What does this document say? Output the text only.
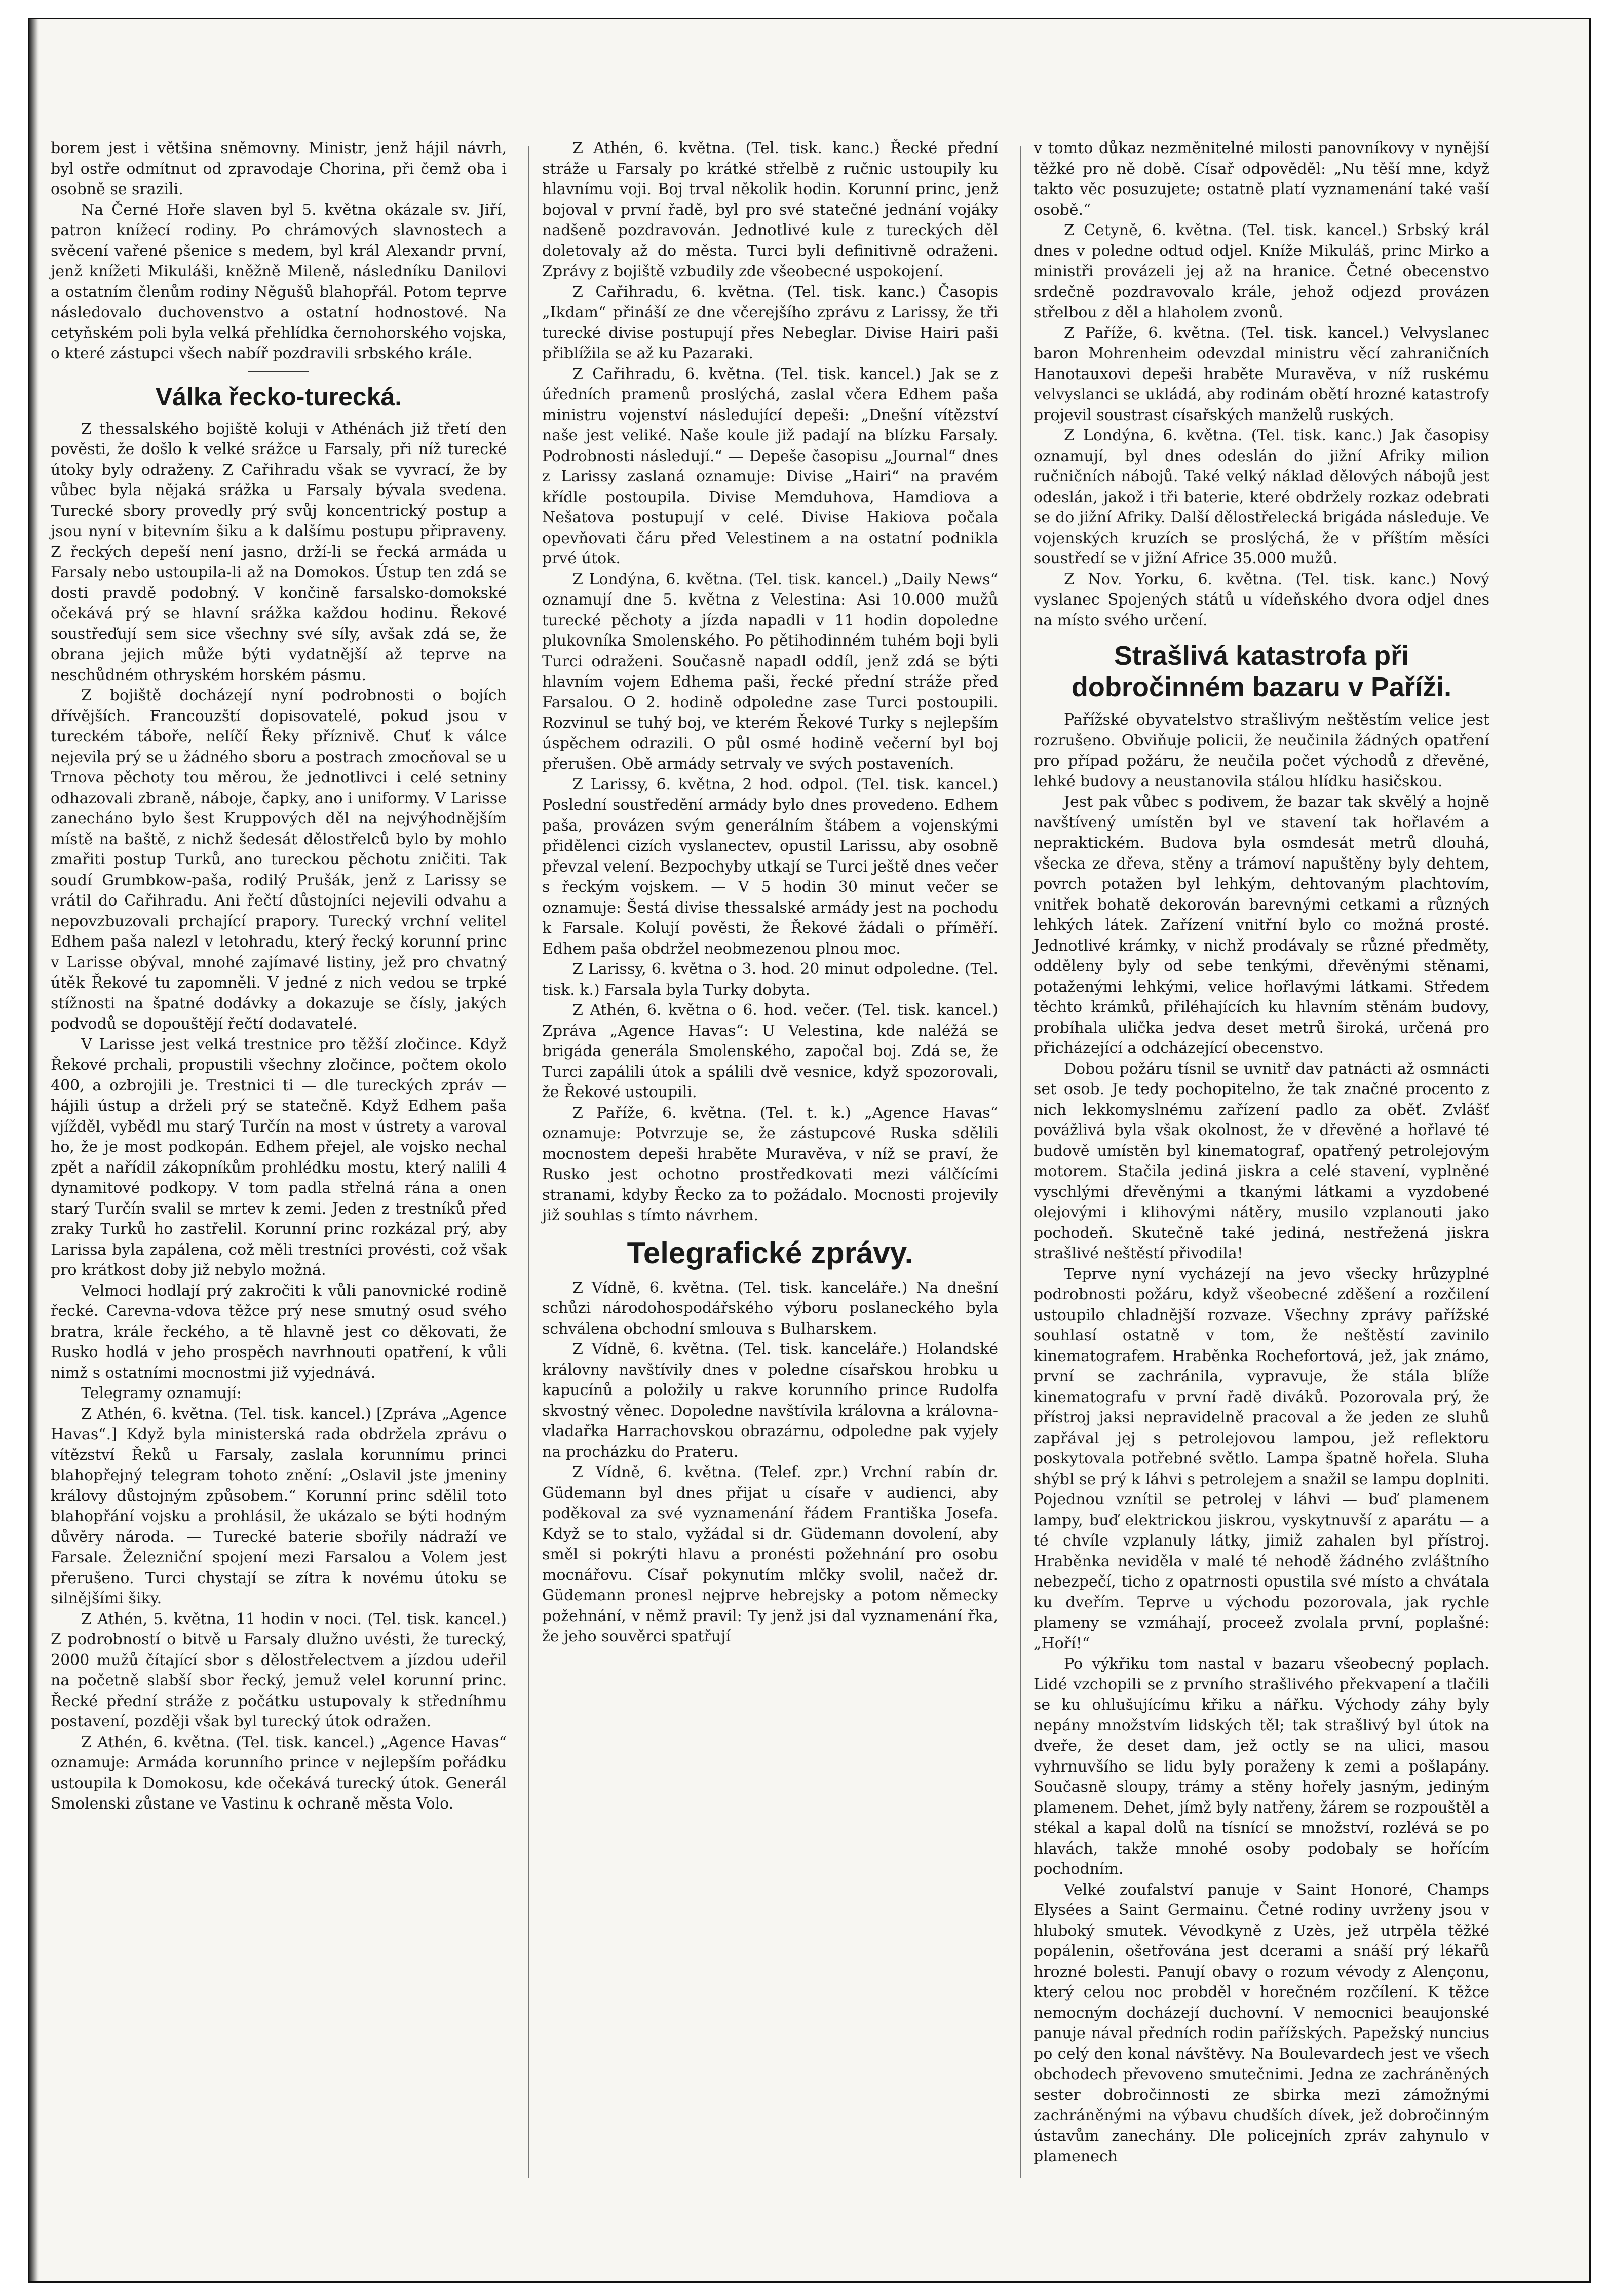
borem jest i většina sněmovny. Ministr, jenž hájil návrh, byl ostře odmítnut od zpravodaje Chorina, při čemž oba i osobně se srazili.

Na Černé Hoře slaven byl 5. května okázale sv. Jiří, patron knížecí rodiny. Po chrámových slavnostech a svěcení vařené pšenice s medem, byl král Alexandr první, jenž knížeti Mikuláši, kněžně Mileně, následníku Danilovi a ostatním členům rodiny Něgušů blahopřál. Potom teprve následovalo duchovenstvo a ostatní hodnostové. Na cetyňském poli byla velká přehlídka černohorského vojska, o které zástupci všech nabíř pozdravili srbského krále.

Válka řecko-turecká.

Z thessalského bojiště koluji v Athénách již třetí den pověsti, že došlo k velké srážce u Farsaly, při níž turecké útoky byly odraženy. Z Cařihradu však se vyvrací, že by vůbec byla nějaká srážka u Farsaly bývala svedena. Turecké sbory provedly prý svůj koncentrický postup a jsou nyní v bitevním šiku a k dalšímu postupu připraveny. Z řeckých depeší není jasno, drží-li se řecká armáda u Farsaly nebo ustoupila-li až na Domokos. Ústup ten zdá se dosti pravdě podobný. V končině farsalsko-domokské očekává prý se hlavní srážka každou hodinu. Řekové soustřeďují sem sice všechny své síly, avšak zdá se, že obrana jejich může býti vydatnější až teprve na neschůdném othryském horském pásmu.

Z bojiště docházejí nyní podrobnosti o bojích dřívějších. Francouzští dopisovatelé, pokud jsou v tureckém táboře, nelíčí Řeky příznivě. Chuť k válce nejevila prý se u žádného sboru a postrach zmocňoval se u Trnova pěchoty tou měrou, že jednotlivci i celé setniny odhazovali zbraně, náboje, čapky, ano i uniformy. V Larisse zanecháno bylo šest Kruppových děl na nejvýhodnějším místě na baště, z nichž šedesát dělostřelců bylo by mohlo zmařiti postup Turků, ano tureckou pěchotu zničiti. Tak soudí Grumbkow-paša, rodilý Prušák, jenž z Larissy se vrátil do Cařihradu. Ani řečtí důstojníci nejevili odvahu a nepovzbuzovali prchající prapory. Turecký vrchní velitel Edhem paša nalezl v letohradu, který řecký korunní princ v Larisse obýval, mnohé zajímavé listiny, jež pro chvatný útěk Řekové tu zapomněli. V jedné z nich vedou se trpké stížnosti na špatné dodávky a dokazuje se čísly, jakých podvodů se dopouštějí řečtí dodavatelé.

V Larisse jest velká trestnice pro těžší zločince. Když Řekové prchali, propustili všechny zločince, počtem okolo 400, a ozbrojili je. Trestnici ti — dle tureckých zpráv — hájili ústup a drželi prý se statečně. Když Edhem paša vjížděl, vybědl mu starý Turčín na most v ústrety a varoval ho, že je most podkopán. Edhem přejel, ale vojsko nechal zpět a nařídil zákopníkům prohlédku mostu, který nalili 4 dynamitové podkopy. V tom padla střelná rána a onen starý Turčín svalil se mrtev k zemi. Jeden z trestníků před zraky Turků ho zastřelil. Korunní princ rozkázal prý, aby Larissa byla zapálena, což měli trestníci provésti, což však pro krátkost doby již nebylo možná.

Velmoci hodlají prý zakročiti k vůli panovnické rodině řecké. Carevna-vdova těžce prý nese smutný osud svého bratra, krále řeckého, a tě hlavně jest co děkovati, že Rusko hodlá v jeho prospěch navrhnouti opatření, k vůli nimž s ostatními mocnostmi již vyjednává.

Telegramy oznamují:

Z Athén, 6. května. (Tel. tisk. kancel.) [Zpráva „Agence Havas“.] Když byla ministerská rada obdržela zprávu o vítězství Řeků u Farsaly, zaslala korunnímu princi blahopřejný telegram tohoto znění: „Oslavil jste jmeniny královy důstojným způsobem.“ Korunní princ sdělil toto blahopřání vojsku a prohlásil, že ukázalo se býti hodným důvěry národa. — Turecké baterie sbořily nádraží ve Farsale. Železniční spojení mezi Farsalou a Volem jest přerušeno. Turci chystají se zítra k novému útoku se silnějšími šiky.

Z Athén, 5. května, 11 hodin v noci. (Tel. tisk. kancel.) Z podrobností o bitvě u Farsaly dlužno uvésti, že turecký, 2000 mužů čítající sbor s dělostřelectvem a jízdou udeřil na početně slabší sbor řecký, jemuž velel korunní princ. Řecké přední stráže z počátku ustupovaly k středníhmu postavení, později však byl turecký útok odražen.

Z Athén, 6. května. (Tel. tisk. kancel.) „Agence Havas“ oznamuje: Armáda korunního prince v nejlepším pořádku ustoupila k Domokosu, kde očekává turecký útok. Generál Smolenski zůstane ve Vastinu k ochraně města Volo.

Z Athén, 6. května. (Tel. tisk. kanc.) Řecké přední stráže u Farsaly po krátké střelbě z ručnic ustoupily ku hlavnímu voji. Boj trval několik hodin. Korunní princ, jenž bojoval v první řadě, byl pro své statečné jednání vojáky nadšeně pozdravován. Jednotlivé kule z tureckých děl doletovaly až do města. Turci byli definitivně odraženi. Zprávy z bojiště vzbudily zde všeobecné uspokojení.

Z Cařihradu, 6. května. (Tel. tisk. kanc.) Časopis „Ikdam“ přináší ze dne včerejšího zprávu z Larissy, že tři turecké divise postupují přes Nebeglar. Divise Hairi paši přiblížila se až ku Pazaraki.

Z Cařihradu, 6. května. (Tel. tisk. kancel.) Jak se z úředních pramenů proslýchá, zaslal včera Edhem paša ministru vojenství následující depeši: „Dnešní vítězství naše jest veliké. Naše koule již padají na blízku Farsaly. Podrobnosti následují.“ — Depeše časopisu „Journal“ dnes z Larissy zaslaná oznamuje: Divise „Hairi“ na pravém křídle postoupila. Divise Memduhova, Hamdiova a Nešatova postupují v celé. Divise Hakiova počala opevňovati čáru před Velestinem a na ostatní podnikla prvé útok.

Z Londýna, 6. května. (Tel. tisk. kancel.) „Daily News“ oznamují dne 5. května z Velestina: Asi 10.000 mužů turecké pěchoty a jízda napadli v 11 hodin dopoledne plukovníka Smolenského. Po pětihodinném tuhém boji byli Turci odraženi. Současně napadl oddíl, jenž zdá se býti hlavním vojem Edhema paši, řecké přední stráže před Farsalou. O 2. hodině odpoledne zase Turci postoupili. Rozvinul se tuhý boj, ve kterém Řekové Turky s nejlepším úspěchem odrazili. O půl osmé hodině večerní byl boj přerušen. Obě armády setrvaly ve svých postaveních.

Z Larissy, 6. května, 2 hod. odpol. (Tel. tisk. kancel.) Poslední soustředění armády bylo dnes provedeno. Edhem paša, provázen svým generálním štábem a vojenskými přidělenci cizích vyslanectev, opustil Larissu, aby osobně převzal velení. Bezpochyby utkají se Turci ještě dnes večer s řeckým vojskem. — V 5 hodin 30 minut večer se oznamuje: Šestá divise thessalské armády jest na pochodu k Farsale. Kolují pověsti, že Řekové žádali o příměří. Edhem paša obdržel neobmezenou plnou moc.

Z Larissy, 6. května o 3. hod. 20 minut odpoledne. (Tel. tisk. k.) Farsala byla Turky dobyta.

Z Athén, 6. května o 6. hod. večer. (Tel. tisk. kancel.) Zpráva „Agence Havas“: U Velestina, kde naléžá se brigáda generála Smolenského, započal boj. Zdá se, že Turci zapálili útok a spálili dvě vesnice, když spozorovali, že Řekové ustoupili.

Z Paříže, 6. května. (Tel. t. k.) „Agence Havas“ oznamuje: Potvrzuje se, že zástupcové Ruska sdělili mocnostem depeši hraběte Muravěva, v níž se praví, že Rusko jest ochotno prostředkovati mezi válčícími stranami, kdyby Řecko za to požádalo. Mocnosti projevily již souhlas s tímto návrhem.

Telegrafické zprávy.

Z Vídně, 6. května. (Tel. tisk. kanceláře.) Na dnešní schůzi národohospodářského výboru poslaneckého byla schválena obchodní smlouva s Bulharskem.

Z Vídně, 6. května. (Tel. tisk. kanceláře.) Holandské královny navštívily dnes v poledne císařskou hrobku u kapucínů a položily u rakve korunního prince Rudolfa skvostný věnec. Dopoledne navštívila královna a královna-vladařka Harrachovskou obrazárnu, odpoledne pak vyjely na procházku do Prateru.

Z Vídně, 6. května. (Telef. zpr.) Vrchní rabín dr. Güdemann byl dnes přijat u císaře v audienci, aby poděkoval za své vyznamenání řádem Františka Josefa. Když se to stalo, vyžádal si dr. Güdemann dovolení, aby směl si pokrýti hlavu a pronésti požehnání pro osobu mocnářovu. Císař pokynutím mlčky svolil, načež dr. Güdemann pronesl nejprve hebrejsky a potom německy požehnání, v němž pravil: Ty jenž jsi dal vyznamenání řka, že jeho souvěrci spatřují

v tomto důkaz nezměnitelné milosti panovníkovy v nynější těžké pro ně době. Císař odpověděl: „Nu těší mne, když takto věc posuzujete; ostatně platí vyznamenání také vaší osobě.“

Z Cetyně, 6. května. (Tel. tisk. kancel.) Srbský král dnes v poledne odtud odjel. Kníže Mikuláš, princ Mirko a ministři provázeli jej až na hranice. Četné obecenstvo srdečně pozdravovalo krále, jehož odjezd provázen střelbou z děl a hlaholem zvonů.

Z Paříže, 6. května. (Tel. tisk. kancel.) Velvyslanec baron Mohrenheim odevzdal ministru věcí zahraničních Hanotauxovi depeši hraběte Muravěva, v níž ruskému velvyslanci se ukládá, aby rodinám obětí hrozné katastrofy projevil soustrast císařských manželů ruských.

Z Londýna, 6. května. (Tel. tisk. kanc.) Jak časopisy oznamují, byl dnes odeslán do jižní Afriky milion ručničních nábojů. Také velký náklad dělových nábojů jest odeslán, jakož i tři baterie, které obdržely rozkaz odebrati se do jižní Afriky. Další dělostřelecká brigáda následuje. Ve vojenských kruzích se proslýchá, že v příštím měsíci soustředí se v jižní Africe 35.000 mužů.

Z Nov. Yorku, 6. května. (Tel. tisk. kanc.) Nový vyslanec Spojených států u vídeňského dvora odjel dnes na místo svého určení.

Strašlivá katastrofa při dobročinném bazaru v Paříži.

Pařížské obyvatelstvo strašlivým neštěstím velice jest rozrušeno. Obviňuje policii, že neučinila žádných opatření pro případ požáru, že neučila počet východů z dřevěné, lehké budovy a neustanovila stálou hlídku hasičskou.

Jest pak vůbec s podivem, že bazar tak skvělý a hojně navštívený umístěn byl ve stavení tak hořlavém a nepraktickém. Budova byla osmdesát metrů dlouhá, všecka ze dřeva, stěny a trámoví napuštěny byly dehtem, povrch potažen byl lehkým, dehtovaným plachtovím, vnitřek bohatě dekorován barevnými cetkami a různých lehkých látek. Zařízení vnitřní bylo co možná prosté. Jednotlivé krámky, v nichž prodávaly se různé předměty, odděleny byly od sebe tenkými, dřevěnými stěnami, potaženými lehkými, velice hořlavými látkami. Středem těchto krámků, přiléhajících ku hlavním stěnám budovy, probíhala ulička jedva deset metrů široká, určená pro přicházející a odcházející obecenstvo.

Dobou požáru tísnil se uvnitř dav patnácti až osmnácti set osob. Je tedy pochopitelno, že tak značné procento z nich lekkomyslnému zařízení padlo za oběť. Zvlášť povážlivá byla však okolnost, že v dřevěné a hořlavé té budově umístěn byl kinematograf, opatřený petrolejovým motorem. Stačila jediná jiskra a celé stavení, vyplněné vyschlými dřevěnými a tkanými látkami a vyzdobené olejovými i klihovými nátěry, musilo vzplanouti jako pochodeň. Skutečně také jediná, nestřežená jiskra strašlivé neštěstí přivodila!

Teprve nyní vycházejí na jevo všecky hrůzyplné podrobnosti požáru, když všeobecné zděšení a rozčilení ustoupilo chladnější rozvaze. Všechny zprávy pařížské souhlasí ostatně v tom, že neštěstí zavinilo kinematografem. Hraběnka Rochefortová, jež, jak známo, první se zachránila, vypravuje, že stála blíže kinematografu v první řadě diváků. Pozorovala prý, že přístroj jaksi nepravidelně pracoval a že jeden ze sluhů zapřával jej s petrolejovou lampou, jež reflektoru poskytovala potřebné světlo. Lampa špatně hořela. Sluha shýbl se prý k láhvi s petrolejem a snažil se lampu doplniti. Pojednou vznítil se petrolej v láhvi — buď plamenem lampy, buď elektrickou jiskrou, vyskytnuvší z aparátu — a té chvíle vzplanuly látky, jimiž zahalen byl přístroj. Hraběnka neviděla v malé té nehodě žádného zvláštního nebezpečí, ticho z opatrnosti opustila své místo a chvátala ku dveřím. Teprve u východu pozorovala, jak rychle plameny se vzmáhají, proceež zvolala první, poplašné: „Hoří!“

Po výkřiku tom nastal v bazaru všeobecný poplach. Lidé vzchopili se z prvního strašlivého překvapení a tlačili se ku ohlušujícímu křiku a nářku. Východy záhy byly nepány množstvím lidských těl; tak strašlivý byl útok na dveře, že deset dam, jež octly se na ulici, masou vyhrnuvšího se lidu byly poraženy k zemi a pošlapány. Současně sloupy, trámy a stěny hořely jasným, jediným plamenem. Dehet, jímž byly natřeny, žárem se rozpouštěl a stékal a kapal dolů na tísnící se množství, rozlévá se po hlavách, takže mnohé osoby podobaly se hořícím pochodním.

Velké zoufalství panuje v Saint Honoré, Champs Elysées a Saint Germainu. Četné rodiny uvrženy jsou v hluboký smutek. Vévodkyně z Uzès, jež utrpěla těžké popálenin, ošetřována jest dcerami a snáší prý lékařů hrozné bolesti. Panují obavy o rozum vévody z Alençonu, který celou noc probděl v horečném rozčílení. K těžce nemocným docházejí duchovní. V nemocnici beaujonské panuje nával předních rodin pařížských. Papežský nuncius po celý den konal návštěvy. Na Boulevardech jest ve všech obchodech převoveno smutečnimi. Jedna ze zachráněných sester dobročinnosti ze sbirka mezi zámožnými zachráněnými na výbavu chudších dívek, jež dobročinným ústavům zanechány. Dle policejních zpráv zahynulo v plamenech
